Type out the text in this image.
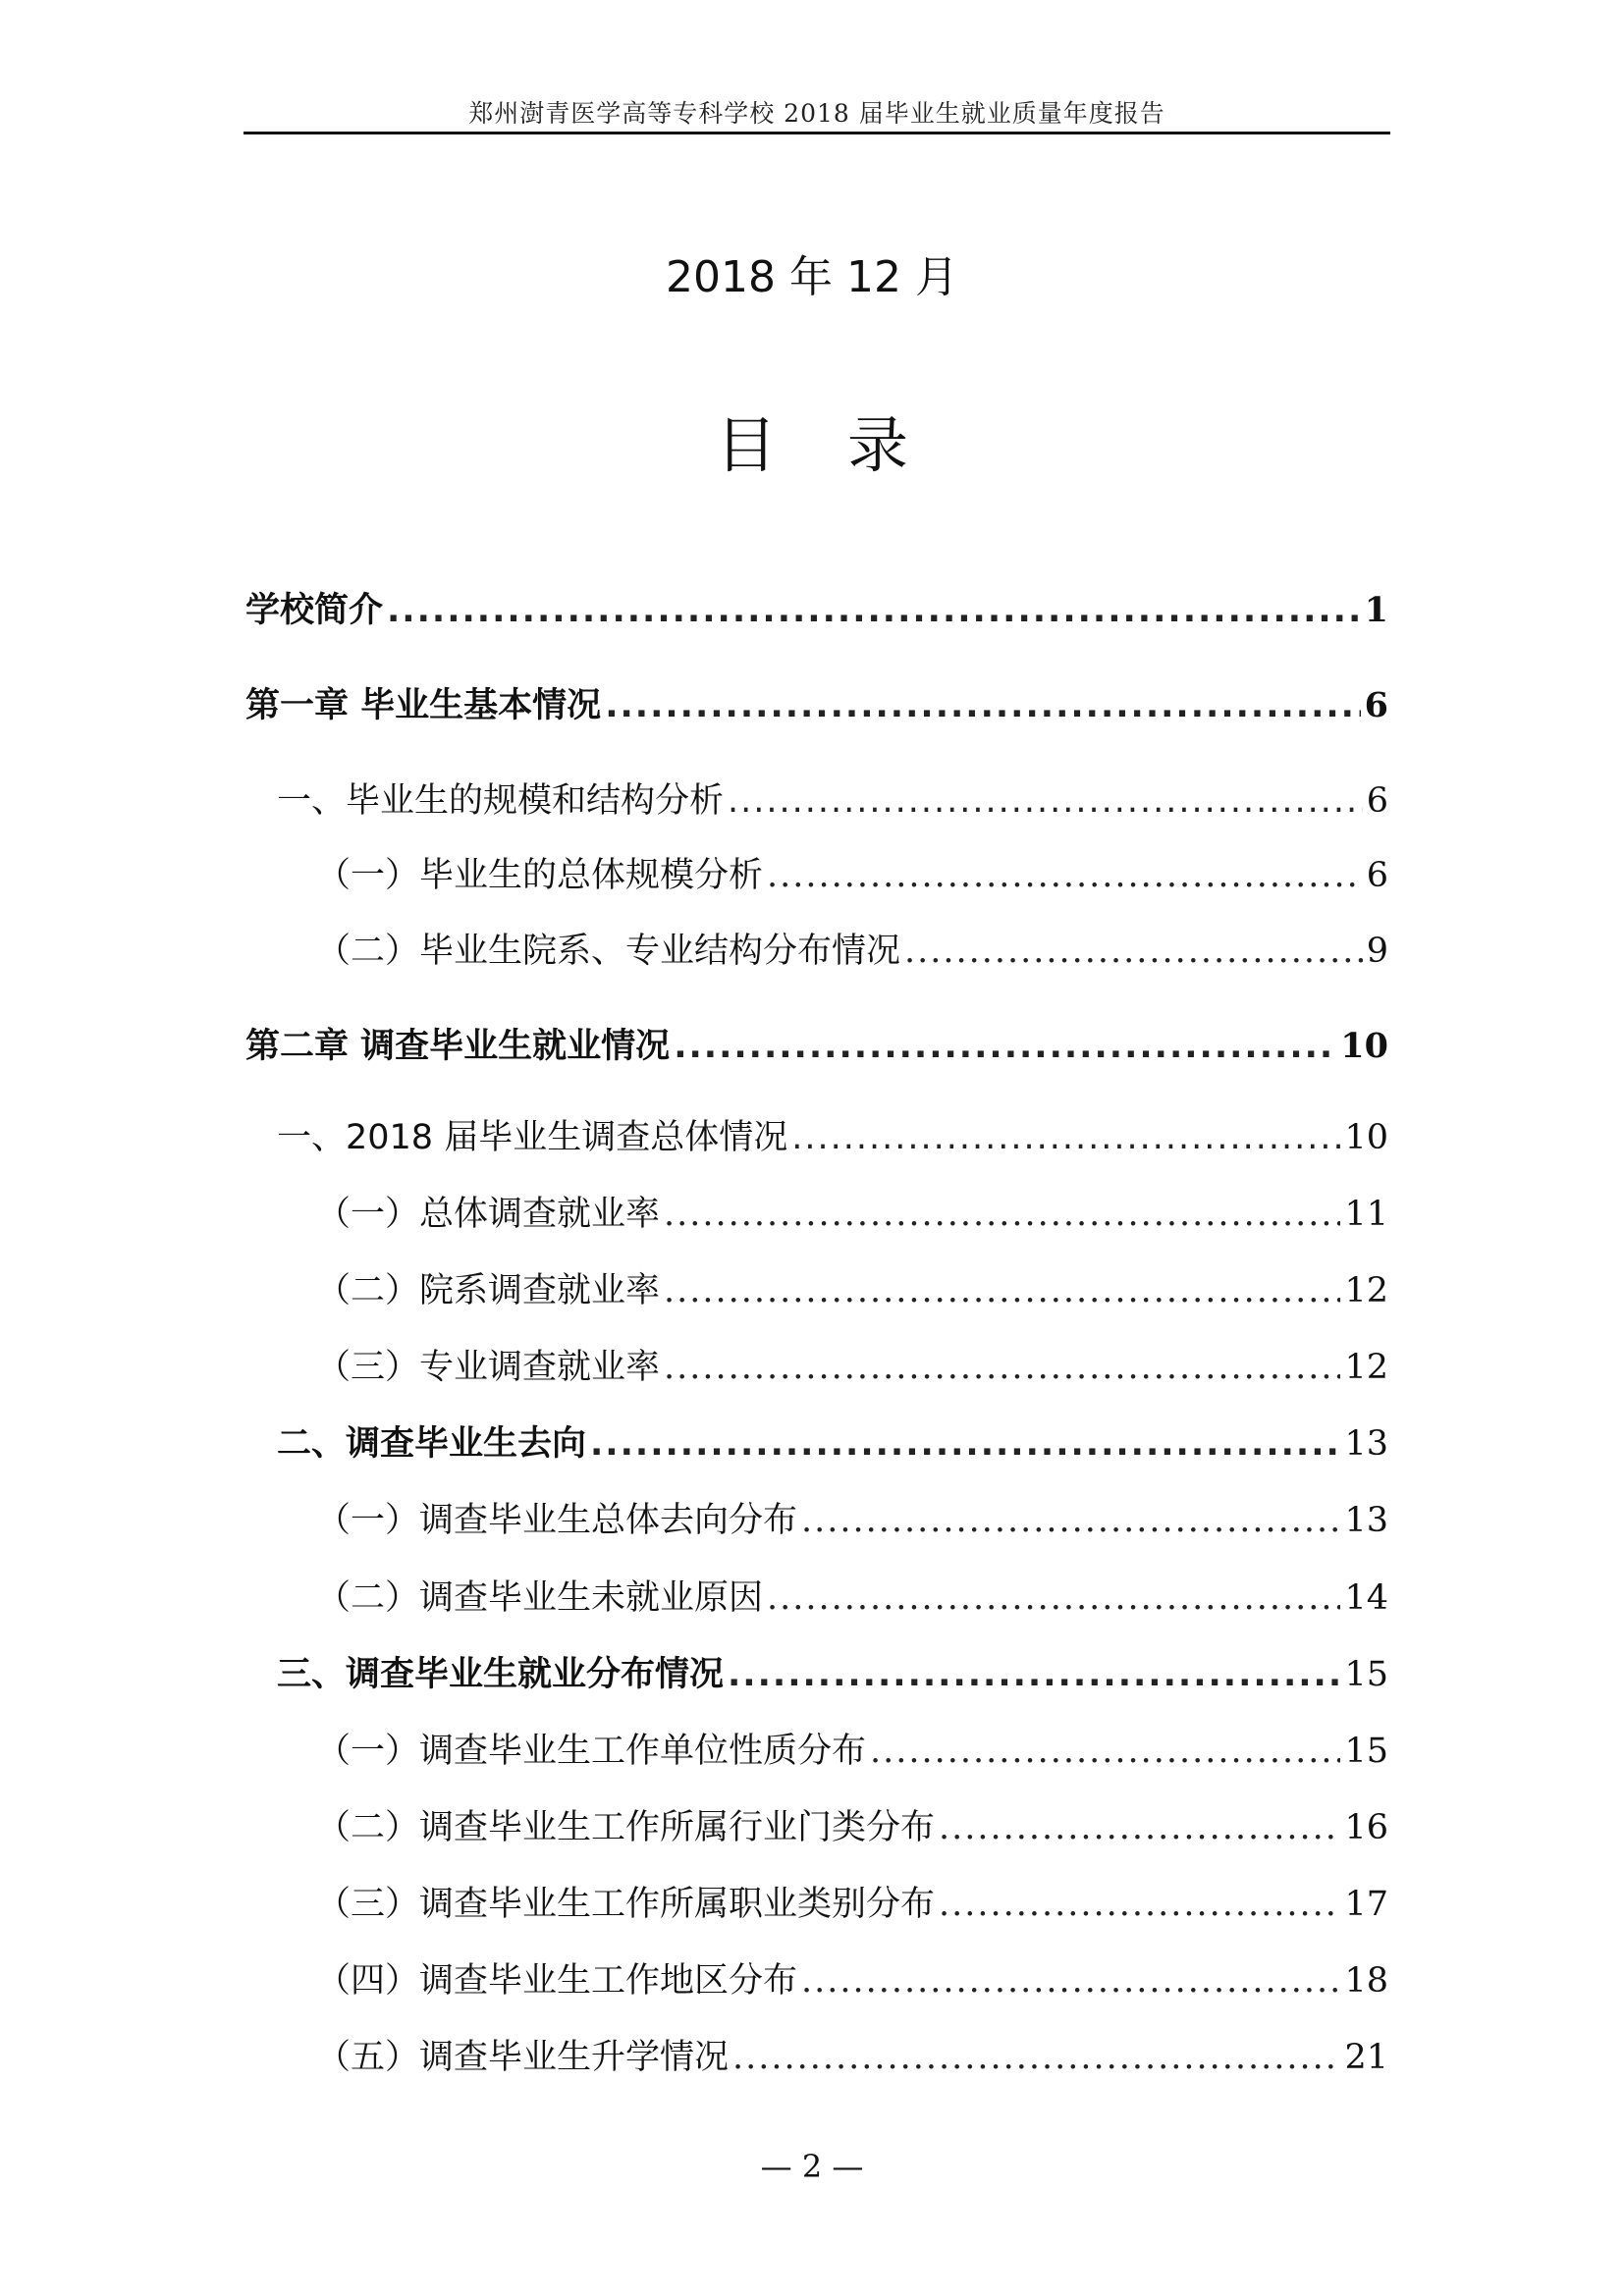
郑州澍青医学高等专科学校 2018 届毕业生就业质量年度报告
2018 年 12 月
目录
学校简介 .....	1
第一章 毕业生基本情况 .....	6
一、毕业生的规模和结构分析 .....	6
（一）毕业生的总体规模分析 .....	6
（二）毕业生院系、专业结构分布情况 .....	9
第二章 调查毕业生就业情况 .....	10
一、2018 届毕业生调查总体情况 .....	10
（一）总体调查就业率 .....	11
（二）院系调查就业率 .....	12
（三）专业调查就业率 .....	12
二、调查毕业生去向 .....	13
（一）调查毕业生总体去向分布 .....	13
（二）调查毕业生未就业原因 .....	14
三、调查毕业生就业分布情况 .....	15
（一）调查毕业生工作单位性质分布 .....	15
（二）调查毕业生工作所属行业门类分布 .....	16
（三）调查毕业生工作所属职业类别分布 .....	17
（四）调查毕业生工作地区分布 .....	18
（五）调查毕业生升学情况 .....	21
— 2 —
